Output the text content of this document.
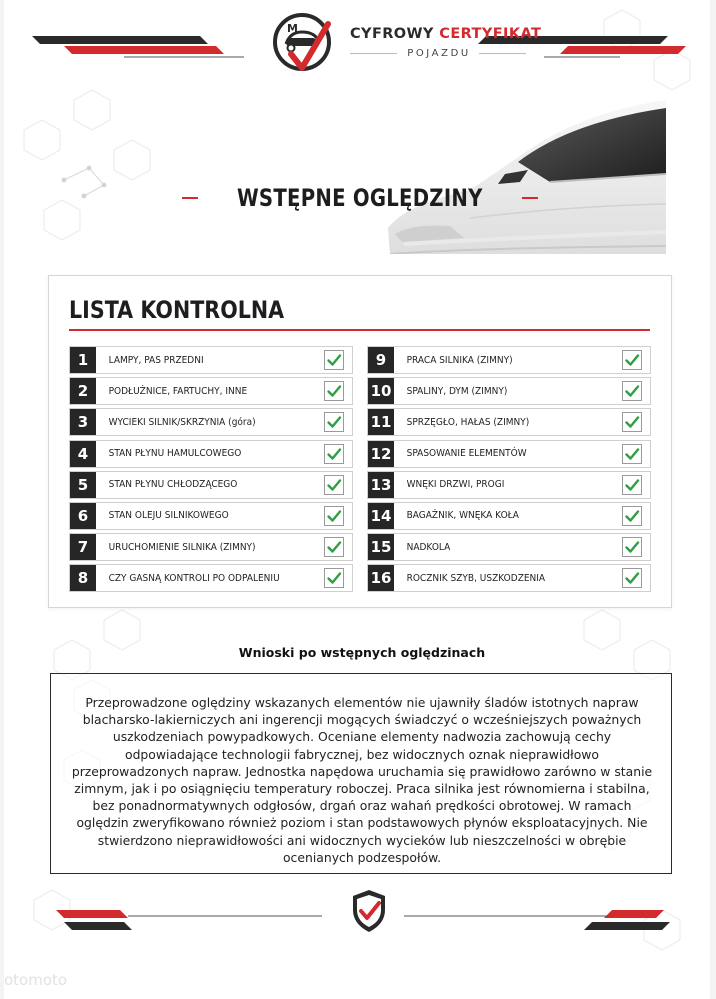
M	CYFROWY CERTYFIKAT
POJAZDU
WSTĘPNE OGLĘDZINY
LISTA KONTROLNA
1	LAMPY, PAS PRZEDNI
2	PODŁUŻNICE, FARTUCHY, INNE
3	WYCIEKI SILNIK/SKRZYNIA (góra)
4	STAN PŁYNU HAMULCOWEGO
5	STAN PŁYNU CHŁODZĄCEGO
6	STAN OLEJU SILNIKOWEGO
7	URUCHOMIENIE SILNIKA (ZIMNY)
8	CZY GASNĄ KONTROLI PO ODPALENIU
9	PRACA SILNIKA (ZIMNY)
10	SPALINY, DYM (ZIMNY)
11	SPRZĘGŁO, HAŁAS (ZIMNY)
12	SPASOWANIE ELEMENTÓW
13	WNĘKI DRZWI, PROGI
14	BAGAŻNIK, WNĘKA KOŁA
15	NADKOLA
16	ROCZNIK SZYB, USZKODZENIA
Wnioski po wstępnych oględzinach
Przeprowadzone oględziny wskazanych elementów nie ujawniły śladów istotnych napraw blacharsko-lakierniczych ani ingerencji mogących świadczyć o wcześniejszych poważnych uszkodzeniach powypadkowych. Oceniane elementy nadwozia zachowują cechy odpowiadające technologii fabrycznej, bez widocznych oznak nieprawidłowo przeprowadzonych napraw. Jednostka napędowa uruchamia się prawidłowo zarówno w stanie zimnym, jak i po osiągnięciu temperatury roboczej. Praca silnika jest równomierna i stabilna, bez ponadnormatywnych odgłosów, drgań oraz wahań prędkości obrotowej. W ramach oględzin zweryfikowano również poziom i stan podstawowych płynów eksploatacyjnych. Nie stwierdzono nieprawidłowości ani widocznych wycieków lub nieszczelności w obrębie ocenianych podzespołów.
otomoto
